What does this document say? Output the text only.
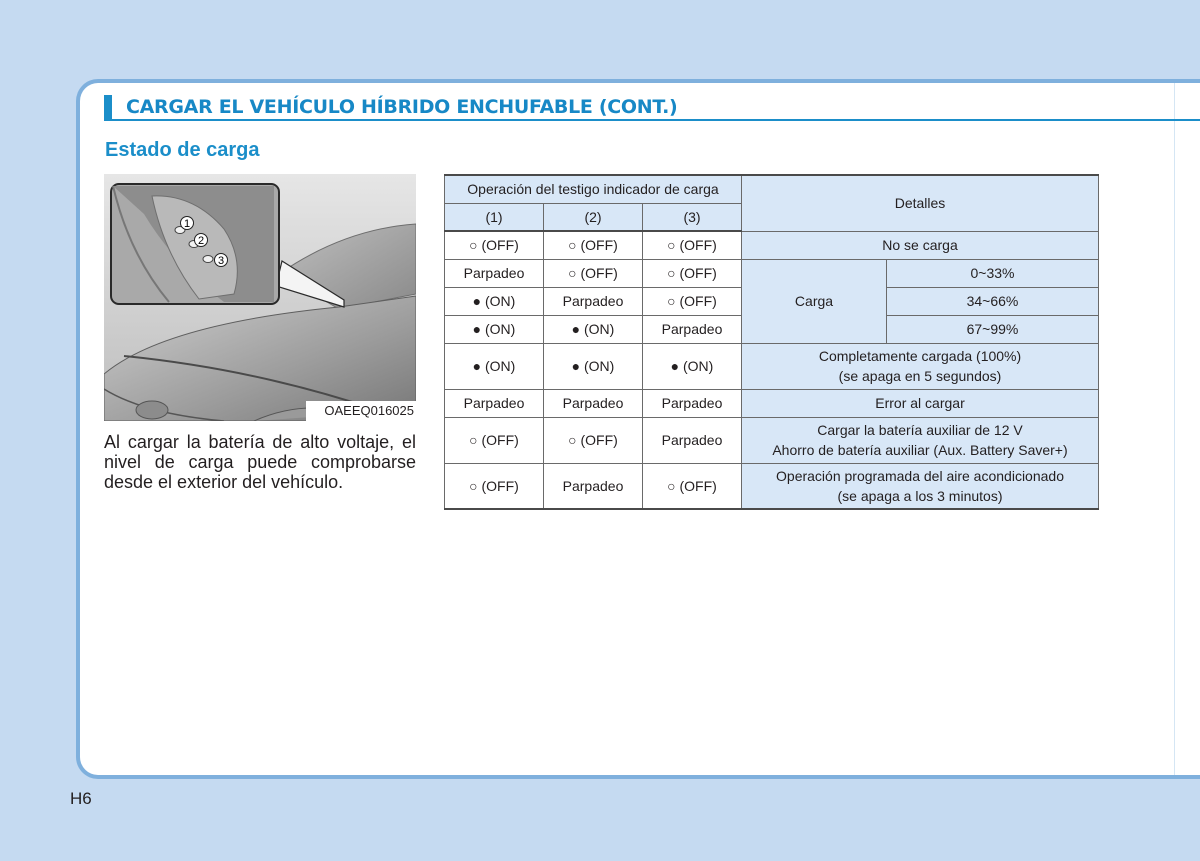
CARGAR EL VEHÍCULO HÍBRIDO ENCHUFABLE (CONT.)
Estado de carga
1
2
3
OAEEQ016025
Al cargar la batería de alto voltaje, el nivel de carga puede comprobarse desde el exterior del vehículo.
Operación del testigo indicador de carga			Detalles	
(1)	(2)	(3)		
○ (OFF)	○ (OFF)	○ (OFF)	No se carga	
Parpadeo	○ (OFF)	○ (OFF)	Carga	0~33%
● (ON)	Parpadeo	○ (OFF)		34~66%
● (ON)	● (ON)	Parpadeo		67~99%
● (ON)	● (ON)	● (ON)	Completamente cargada (100%)
(se apaga en 5 segundos)	

Parpadeo	Parpadeo	Parpadeo	Error al cargar	
○ (OFF)	○ (OFF)	Parpadeo	Cargar la batería auxiliar de 12 V
Ahorro de batería auxiliar (Aux. Battery Saver+)	

○ (OFF)	Parpadeo	○ (OFF)	Operación programada del aire acondicionado
(se apaga a los 3 minutos)	
H6
